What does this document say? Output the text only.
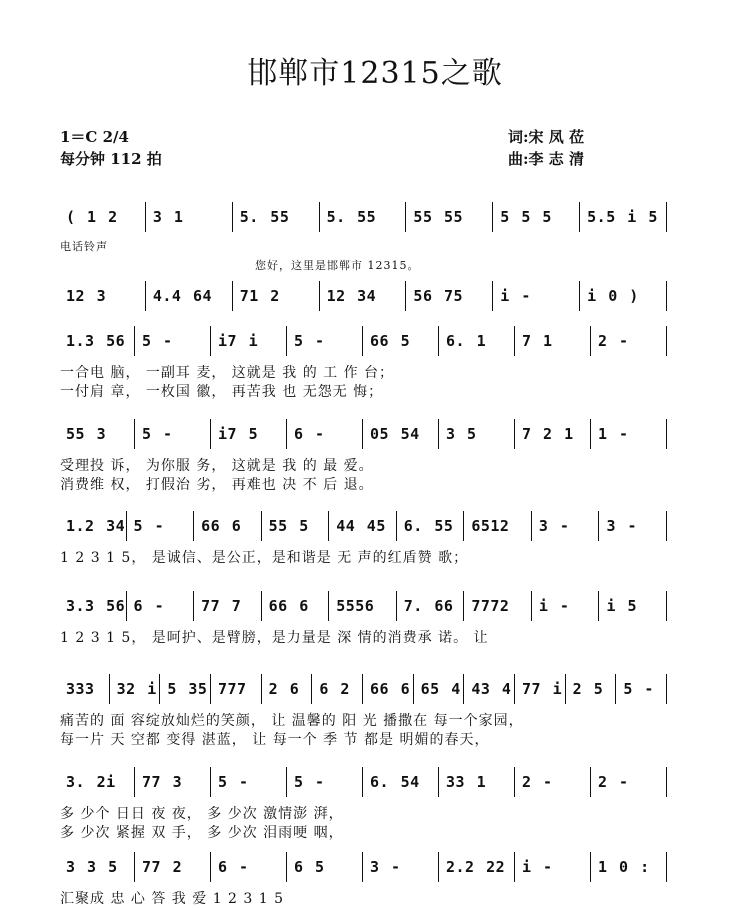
邯郸市12315之歌
1＝C 2/4
每分钟 112 拍
词:宋 凤 莅
曲:李 志 清
( 1 2 3 1	5. 55 5. 55 55 55 5 5 5 5.5 i 5
电话铃声
您好，这里是邯郸市 12315。
12 3	4.4 64 71 2	12 34 56 75 i -	i 0 )
1.3 56 5 -	i7 i 5 -	66 5 6. 1 7 1	2 -
一合电 脑， 一副耳 麦， 这就是 我 的 工 作 台；
一付肩 章， 一枚国 徽， 再苦我 也 无怨无 悔；
55 3 5 -	i7 5 6 -	05 54 3 5	7 2 1 1 -
受理投 诉， 为你服 务， 这就是 我 的 最 爱。
消费维 权， 打假治 劣， 再难也 决 不 后 退。
1.2 34 5 - 66 6 55 5 44 45 6. 55 6512 3 - 3 -
1 2 3 1 5， 是诚信、是公正，是和谐是 无 声的红盾赞 歌；
3.3 56 6 - 77 7 66 6 5556 7. 66 7772 i - i 5
1 2 3 1 5， 是呵护、是臂膀，是力量是 深 情的消费承 诺。 让
333 32 i 5 35 777 2 6 6 2 66 6 65 4 43 4 77 i 2 5 5 -
痛苦的 面 容绽放灿烂的笑颜， 让 温馨的 阳 光 播撒在 每一个家园，
每一片 天 空都 变得 湛蓝， 让 每一个 季 节 都是 明媚的春天，
3. 2i 77 3 5 -	5 -	6. 54 33 1 2 -	2 -
多 少个 日日 夜 夜， 多 少次 激情澎 湃，
多 少次 紧握 双 手， 多 少次 泪雨哽 咽，
3 3 5 77 2 6 -	6 5	3 -	2.2 22 i -	1 0 :
汇聚成 忠 心 答 我 爱 1 2 3 1 5
